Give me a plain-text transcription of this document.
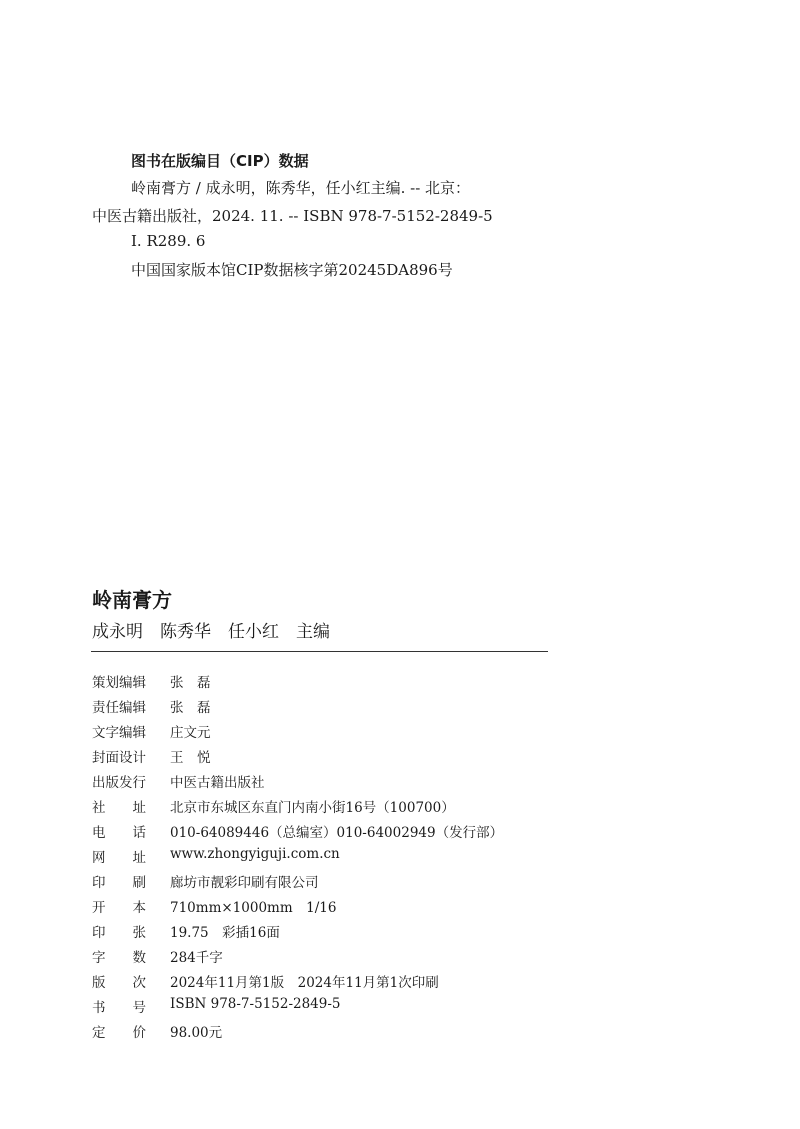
图书在版编目（CIP）数据
岭南膏方 / 成永明，陈秀华，任小红主编. -- 北京：
中医古籍出版社，2024. 11. -- ISBN 978-7-5152-2849-5
Ⅰ. R289. 6
中国国家版本馆CIP数据核字第20245DA896号
岭南膏方
成永明　陈秀华　任小红　主编
策划编辑 张　磊
责任编辑 张　磊
文字编辑 庄文元
封面设计 王　悦
出版发行 中医古籍出版社
社　　址 北京市东城区东直门内南小街16号（100700）
电　　话 010-64089446（总编室）010-64002949（发行部）
网　　址 www.zhongyiguji.com.cn
印　　刷 廊坊市靓彩印刷有限公司
开　　本 710mm×1000mm　1/16
印　　张 19.75　彩插16面
字　　数 284千字
版　　次 2024年11月第1版　2024年11月第1次印刷
书　　号 ISBN 978-7-5152-2849-5
定　　价 98.00元
